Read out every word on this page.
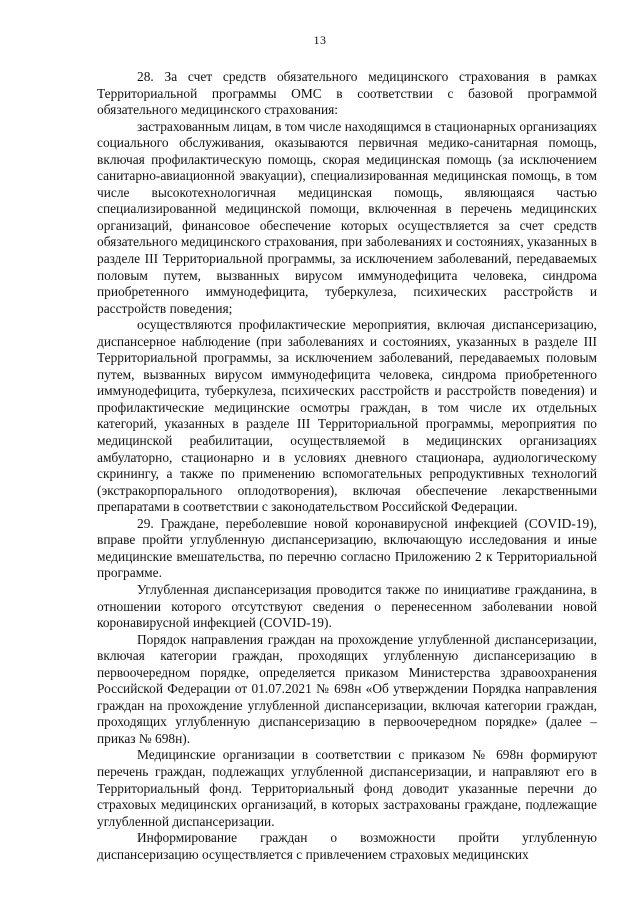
13

28. За счет средств обязательного медицинского страхования в рамках Территориальной программы ОМС в соответствии с базовой программой обязательного медицинского страхования:

застрахованным лицам, в том числе находящимся в стационарных организациях социального обслуживания, оказываются первичная медико-санитарная помощь, включая профилактическую помощь, скорая медицинская помощь (за исключением санитарно-авиационной эвакуации), специализированная медицинская помощь, в том числе высокотехнологичная медицинская помощь, являющаяся частью специализированной медицинской помощи, включенная в перечень медицинских организаций, финансовое обеспечение которых осуществляется за счет средств обязательного медицинского страхования, при заболеваниях и состояниях, указанных в разделе III Территориальной программы, за исключением заболеваний, передаваемых половым путем, вызванных вирусом иммунодефицита человека, синдрома приобретенного иммунодефицита, туберкулеза, психических расстройств и расстройств поведения;

осуществляются профилактические мероприятия, включая диспансеризацию, диспансерное наблюдение (при заболеваниях и состояниях, указанных в разделе III Территориальной программы, за исключением заболеваний, передаваемых половым путем, вызванных вирусом иммунодефицита человека, синдрома приобретенного иммунодефицита, туберкулеза, психических расстройств и расстройств поведения) и профилактические медицинские осмотры граждан, в том числе их отдельных категорий, указанных в разделе III Территориальной программы, мероприятия по медицинской реабилитации, осуществляемой в медицинских организациях амбулаторно, стационарно и в условиях дневного стационара, аудиологическому скринингу, а также по применению вспомогательных репродуктивных технологий (экстракорпорального оплодотворения), включая обеспечение лекарственными препаратами в соответствии с законодательством Российской Федерации.

29. Граждане, переболевшие новой коронавирусной инфекцией (COVID-19), вправе пройти углубленную диспансеризацию, включающую исследования и иные медицинские вмешательства, по перечню согласно Приложению 2 к Территориальной программе.

Углубленная диспансеризация проводится также по инициативе гражданина, в отношении которого отсутствуют сведения о перенесенном заболевании новой коронавирусной инфекцией (COVID-19).

Порядок направления граждан на прохождение углубленной диспансеризации, включая категории граждан, проходящих углубленную диспансеризацию в первоочередном порядке, определяется приказом Министерства здравоохранения Российской Федерации от 01.07.2021 № 698н «Об утверждении Порядка направления граждан на прохождение углубленной диспансеризации, включая категории граждан, проходящих углубленную диспансеризацию в первоочередном порядке» (далее – приказ № 698н).

Медицинские организации в соответствии с приказом № 698н формируют перечень граждан, подлежащих углубленной диспансеризации, и направляют его в Территориальный фонд. Территориальный фонд доводит указанные перечни до страховых медицинских организаций, в которых застрахованы граждане, подлежащие углубленной диспансеризации.

Информирование граждан о возможности пройти углубленную диспансеризацию осуществляется с привлечением страховых медицинских
